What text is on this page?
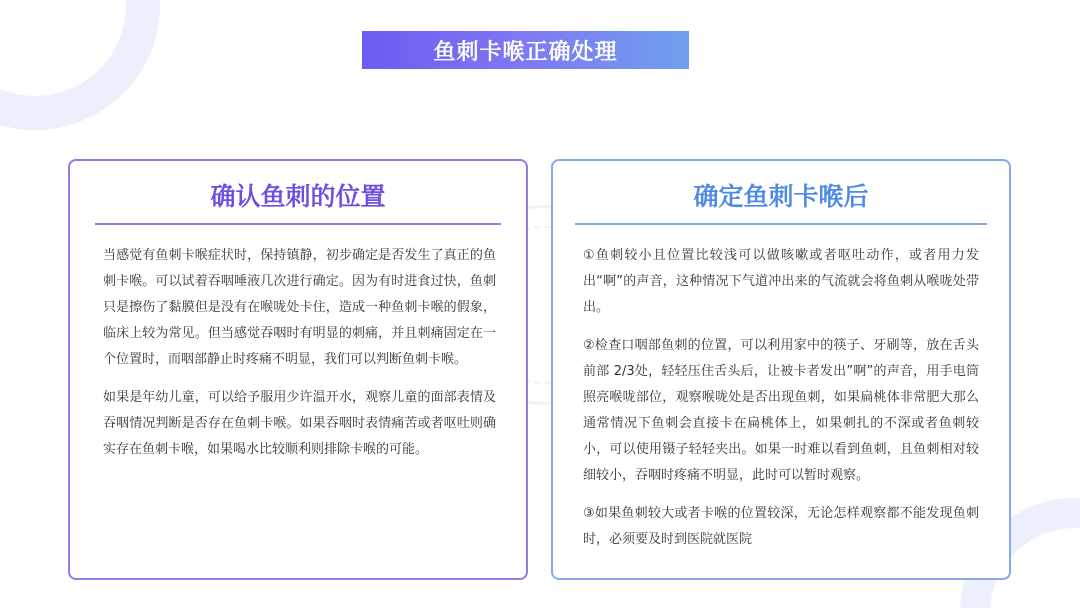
鱼刺卡喉正确处理
确认鱼刺的位置

当感觉有鱼刺卡喉症状时，保持镇静，初步确定是否发生了真正的鱼刺卡喉。可以试着吞咽唾液几次进行确定。因为有时进食过快，鱼刺只是擦伤了黏膜但是没有在喉咙处卡住，造成一种鱼刺卡喉的假象，临床上较为常见。但当感觉吞咽时有明显的刺痛，并且刺痛固定在一个位置时，而咽部静止时疼痛不明显，我们可以判断鱼刺卡喉。

如果是年幼儿童，可以给予服用少许温开水，观察儿童的面部表情及吞咽情况判断是否存在鱼刺卡喉。如果吞咽时表情痛苦或者呕吐则确实存在鱼刺卡喉，如果喝水比较顺利则排除卡喉的可能。

确定鱼刺卡喉后

①鱼刺较小且位置比较浅可以做咳嗽或者呕吐动作，或者用力发出“啊”的声音，这种情况下气道冲出来的气流就会将鱼刺从喉咙处带出。

②检查口咽部鱼刺的位置，可以利用家中的筷子、牙刷等，放在舌头前部 2/3处，轻轻压住舌头后，让被卡者发出”啊”的声音，用手电筒照亮喉咙部位，观察喉咙处是否出现鱼刺，如果扁桃体非常肥大那么通常情况下鱼刺会直接卡在扁桃体上，如果刺扎的不深或者鱼刺较小，可以使用镊子轻轻夹出。如果一时难以看到鱼刺，且鱼刺相对较细较小，吞咽时疼痛不明显，此时可以暂时观察。

③如果鱼刺较大或者卡喉的位置较深，无论怎样观察都不能发现鱼刺时，必须要及时到医院就医院
